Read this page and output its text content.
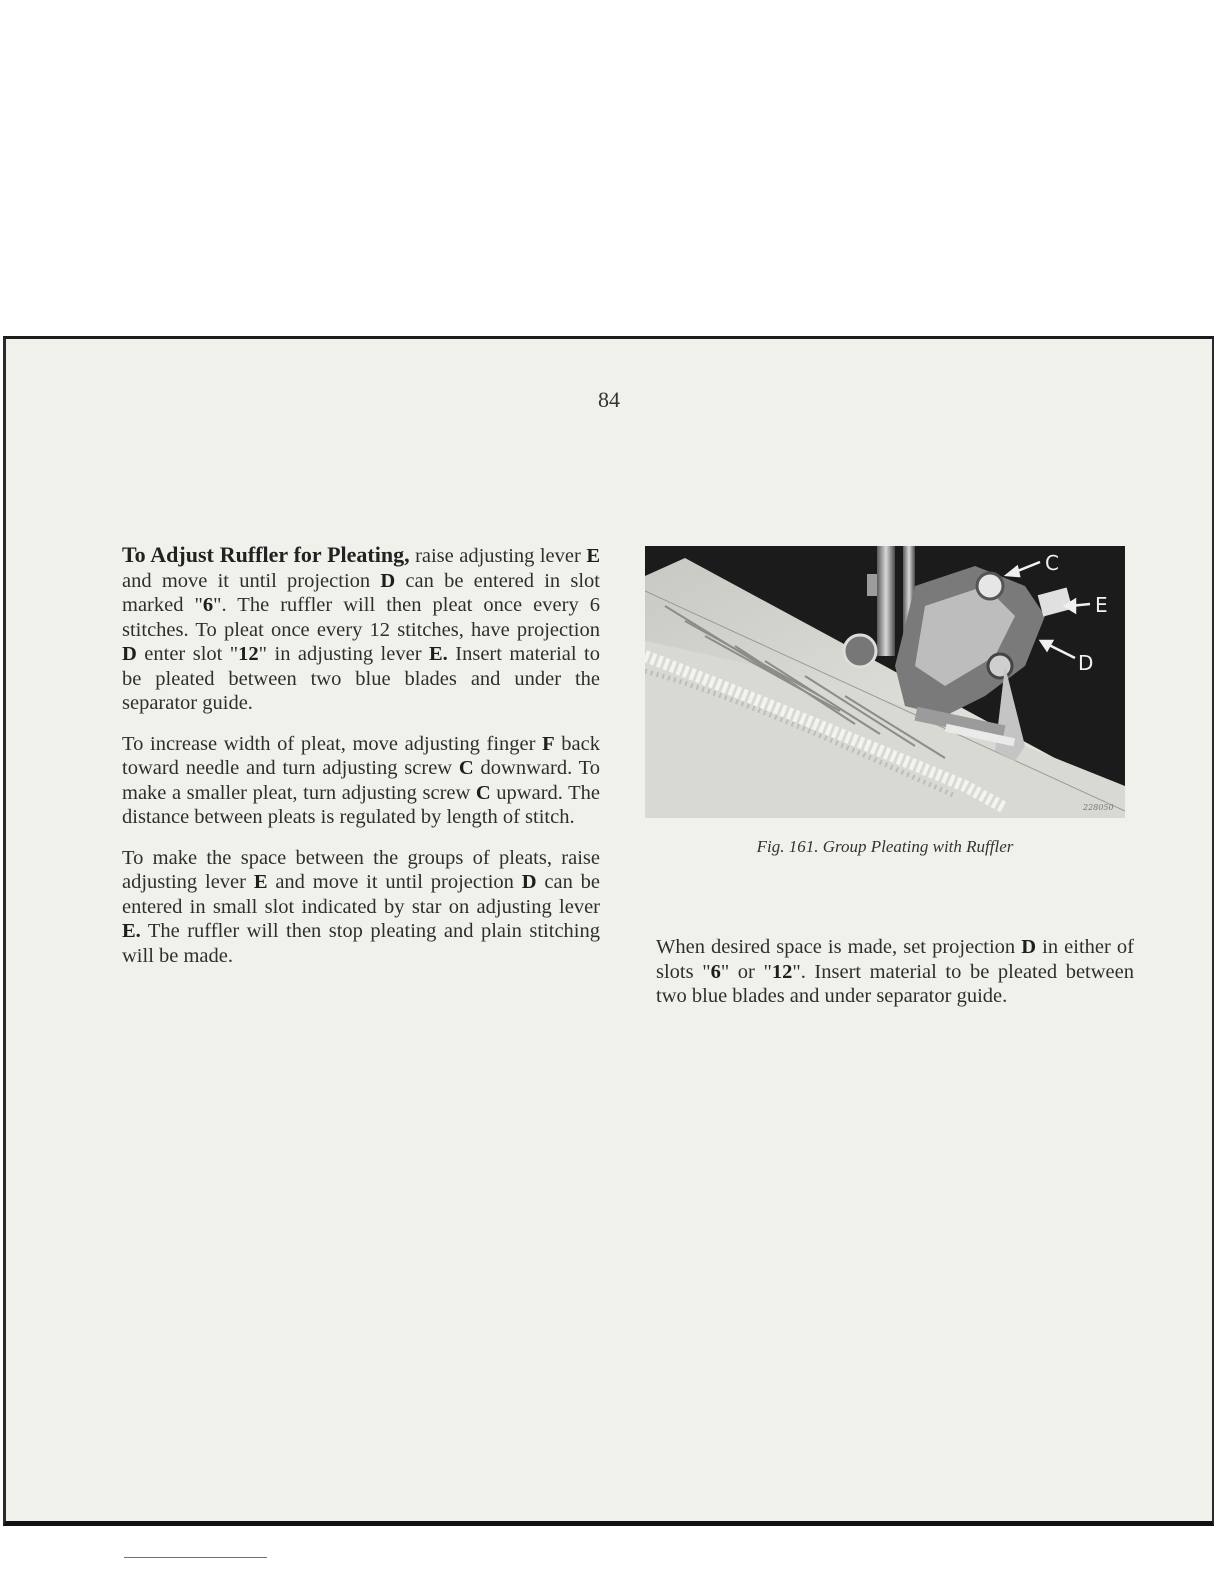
84

To Adjust Ruffler for Pleating, raise adjusting lever E and move it until projection D can be entered in slot marked "6". The ruffler will then pleat once every 6 stitches. To pleat once every 12 stitches, have projection D enter slot "12" in adjusting lever E. Insert material to be pleated between two blue blades and under the separator guide.

To increase width of pleat, move adjusting finger F back toward needle and turn adjusting screw C downward. To make a smaller pleat, turn adjusting screw C upward. The distance between pleats is regulated by length of stitch.

To make the space between the groups of pleats, raise adjusting lever E and move it until projection D can be entered in small slot indicated by star on adjusting lever E. The ruffler will then stop pleating and plain stitching will be made.

C
E
D
228050
Fig. 161. Group Pleating with Ruffler

When desired space is made, set projection D in either of slots "6" or "12". Insert material to be pleated between two blue blades and under separator guide.
